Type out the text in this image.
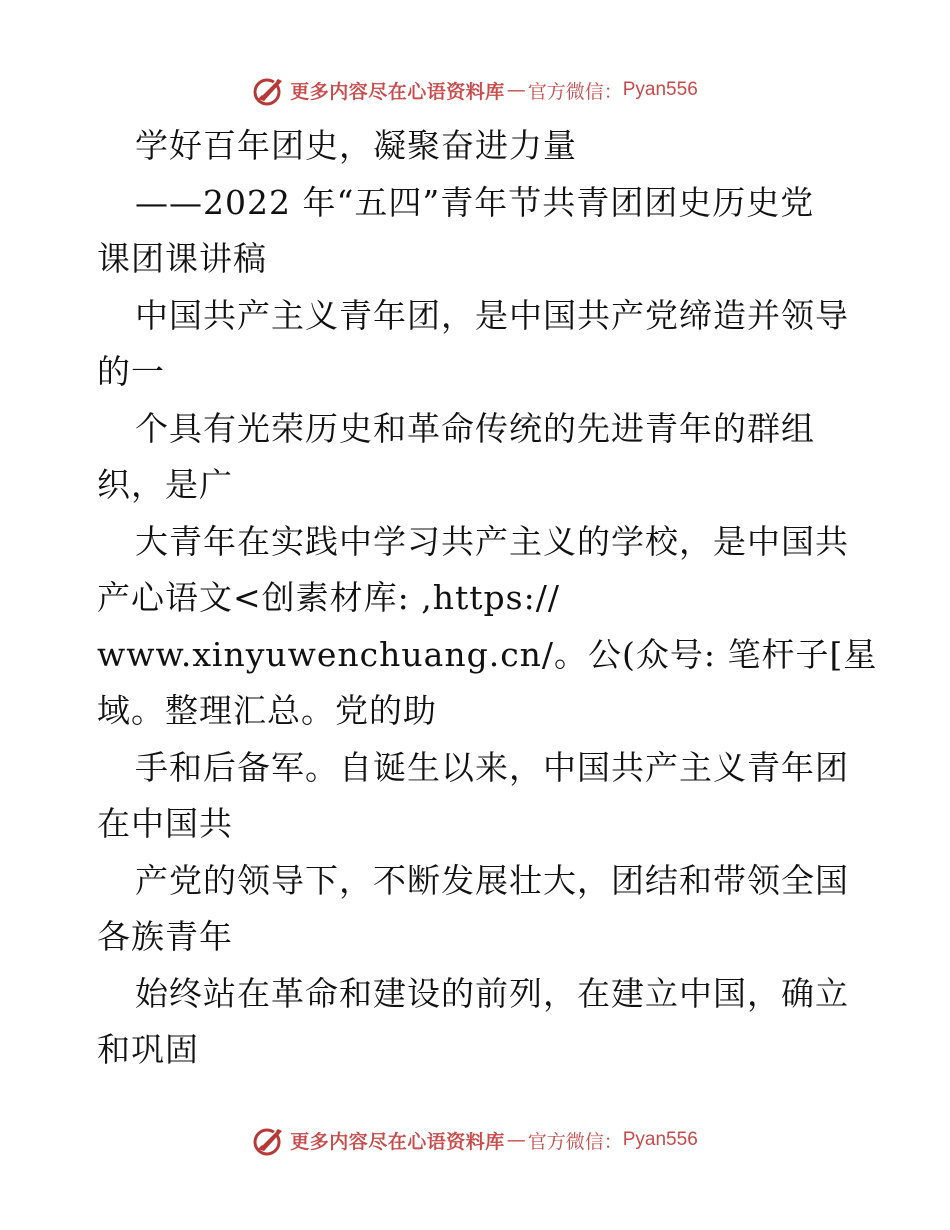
更多内容尽在心语资料库 — 官方微信： Pyan556
学好百年团史，凝聚奋进力量
——2022 年“五四”青年节共青团团史历史党
课团课讲稿
中国共产主义青年团，是中国共产党缔造并领导
的一
个具有光荣历史和革命传统的先进青年的群组
织，是广
大青年在实践中学习共产主义的学校，是中国共
产心语文<创素材库: ,https://
www.xinyuwenchuang.cn/。公(众号: 笔杆子[星
域。整理汇总。党的助
手和后备军。自诞生以来，中国共产主义青年团
在中国共
产党的领导下，不断发展壮大，团结和带领全国
各族青年
始终站在革命和建设的前列，在建立中国，确立
和巩固
更多内容尽在心语资料库 — 官方微信： Pyan556
